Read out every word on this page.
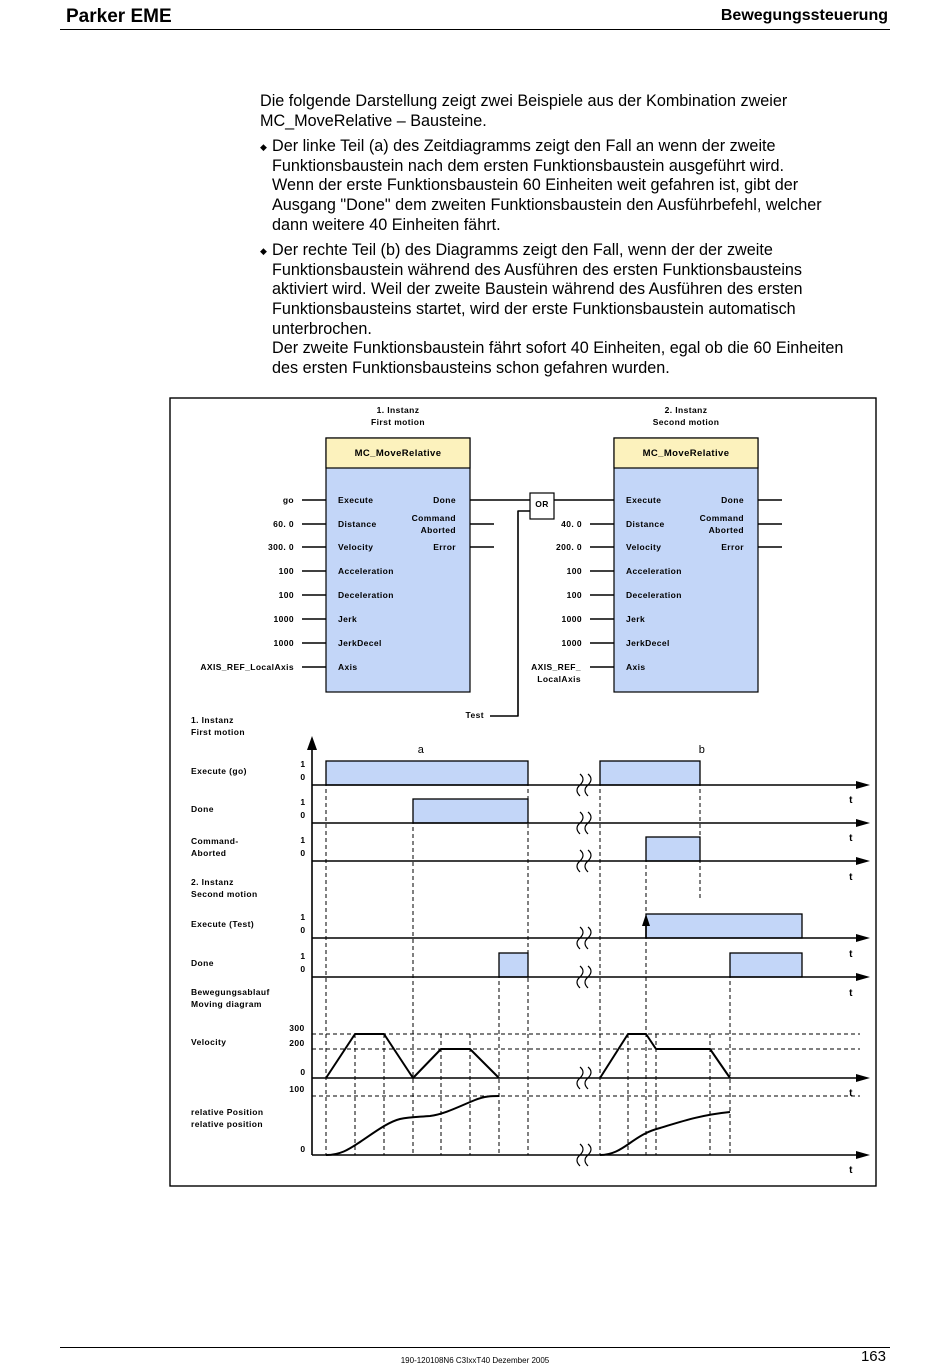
Parker EME	Bewegungssteuerung

Die folgende Darstellung zeigt zwei Beispiele aus der Kombination zweier
MC_MoveRelative – Bausteine.

◆ Der linke Teil (a) des Zeitdiagramms zeigt den Fall an wenn der zweite
Funktionsbaustein nach dem ersten Funktionsbaustein ausgeführt wird.
Wenn der erste Funktionsbaustein 60 Einheiten weit gefahren ist, gibt der
Ausgang "Done" dem zweiten Funktionsbaustein den Ausführbefehl, welcher
dann weitere 40 Einheiten fährt.
◆ Der rechte Teil (b) des Diagramms zeigt den Fall, wenn der der zweite
Funktionsbaustein während des Ausführen des ersten Funktionsbausteins
aktiviert wird. Weil der zweite Baustein während des Ausführen des ersten
Funktionsbausteins startet, wird der erste Funktionsbaustein automatisch
unterbrochen.
Der zweite Funktionsbaustein fährt sofort 40 Einheiten, egal ob die 60 Einheiten
des ersten Funktionsbausteins schon gefahren wurden.
1. Instanz
First motion
MC_MoveRelative
Execute
Distance
Velocity
Acceleration
Deceleration
Jerk
JerkDecel
Axis
Done
Command
Aborted
Error
go
60. 0
300. 0
100
100
1000
1000
AXIS_REF_LocalAxis
2. Instanz
Second motion
MC_MoveRelative
Execute
Distance
Velocity
Acceleration
Deceleration
Jerk
JerkDecel
Axis
Done
Command
Aborted
Error
40. 0
200. 0
100
100
1000
1000
AXIS_REF_
LocalAxis
OR
Test
1. Instanz
First motion
2. Instanz
Second motion
Bewegungsablauf
Moving diagram
Execute (go)
1
0
Done
1
0
Command-
Aborted
1
0
Execute (Test)
1
0
Done
1
0
t
t
t
t
t
t
t
a	b
300
200
0
100
0
Velocity
relative Position
relative position
190-120108N6 C3IxxT40 Dezember 2005	163
